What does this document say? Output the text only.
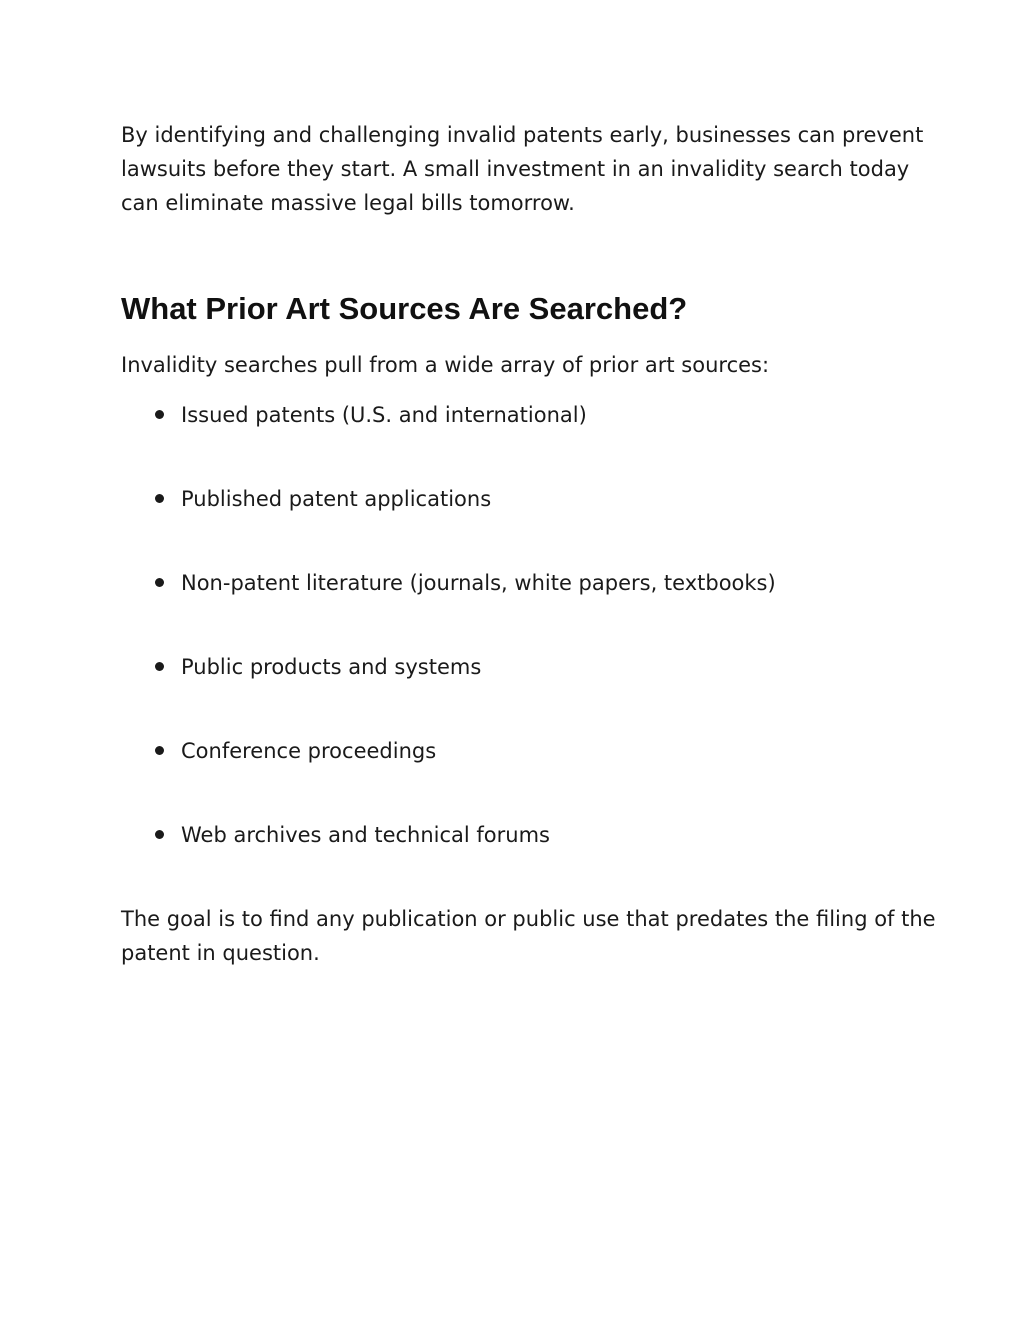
By identifying and challenging invalid patents early, businesses can prevent lawsuits before they start. A small investment in an invalidity search today can eliminate massive legal bills tomorrow.

What Prior Art Sources Are Searched?

Invalidity searches pull from a wide array of prior art sources:

Issued patents (U.S. and international)
Published patent applications
Non-patent literature (journals, white papers, textbooks)
Public products and systems
Conference proceedings
Web archives and technical forums

The goal is to find any publication or public use that predates the filing of the patent in question.
